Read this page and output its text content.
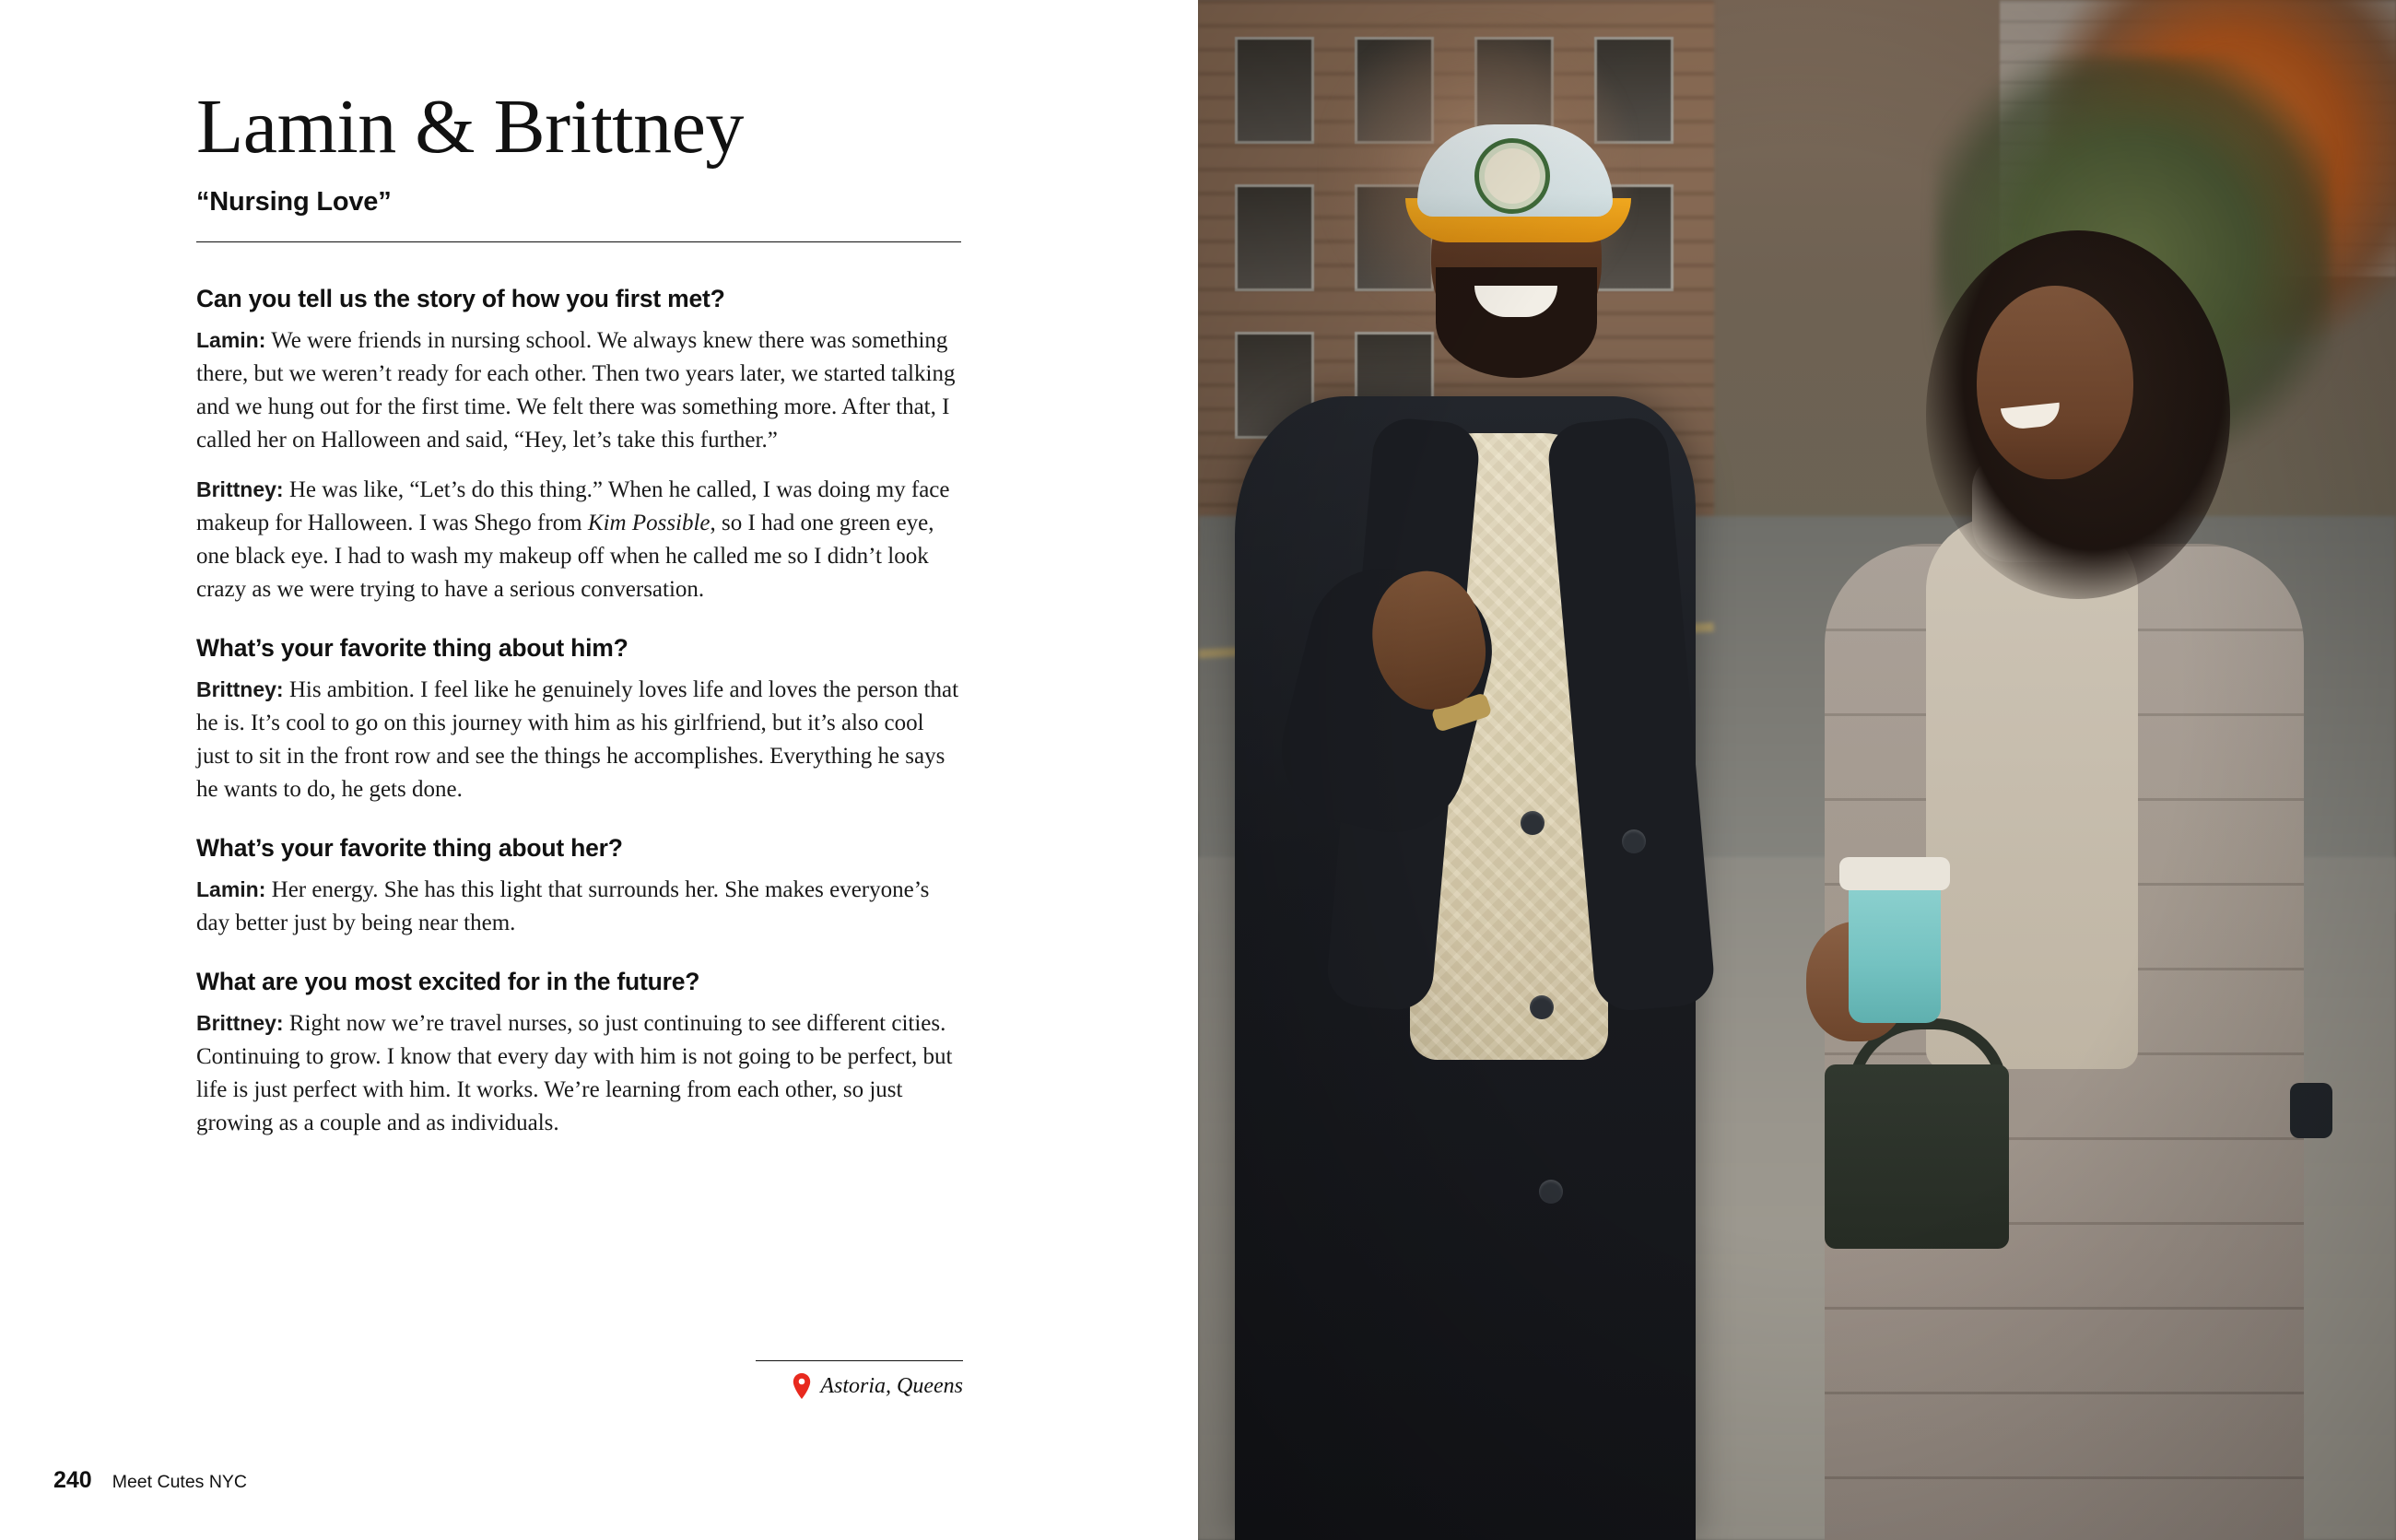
Lamin & Brittney
“Nursing Love”

Can you tell us the story of how you first met?

Lamin: We were friends in nursing school. We always knew there was something there, but we weren’t ready for each other. Then two years later, we started talking and we hung out for the first time. We felt there was something more. After that, I called her on Halloween and said, “Hey, let’s take this further.”

Brittney: He was like, “Let’s do this thing.” When he called, I was doing my face makeup for Halloween. I was Shego from Kim Possible, so I had one green eye, one black eye. I had to wash my makeup off when he called me so I didn’t look crazy as we were trying to have a serious conversation.

What’s your favorite thing about him?

Brittney: His ambition. I feel like he genuinely loves life and loves the person that he is. It’s cool to go on this journey with him as his girlfriend, but it’s also cool just to sit in the front row and see the things he accomplishes. Everything he says he wants to do, he gets done.

What’s your favorite thing about her?

Lamin: Her energy. She has this light that surrounds her. She makes everyone’s day better just by being near them.

What are you most excited for in the future?

Brittney: Right now we’re travel nurses, so just continuing to see different cities. Continuing to grow. I know that every day with him is not going to be perfect, but life is just perfect with him. It works. We’re learning from each other, so just growing as a couple and as individuals.

Astoria, Queens
240 Meet Cutes NYC
